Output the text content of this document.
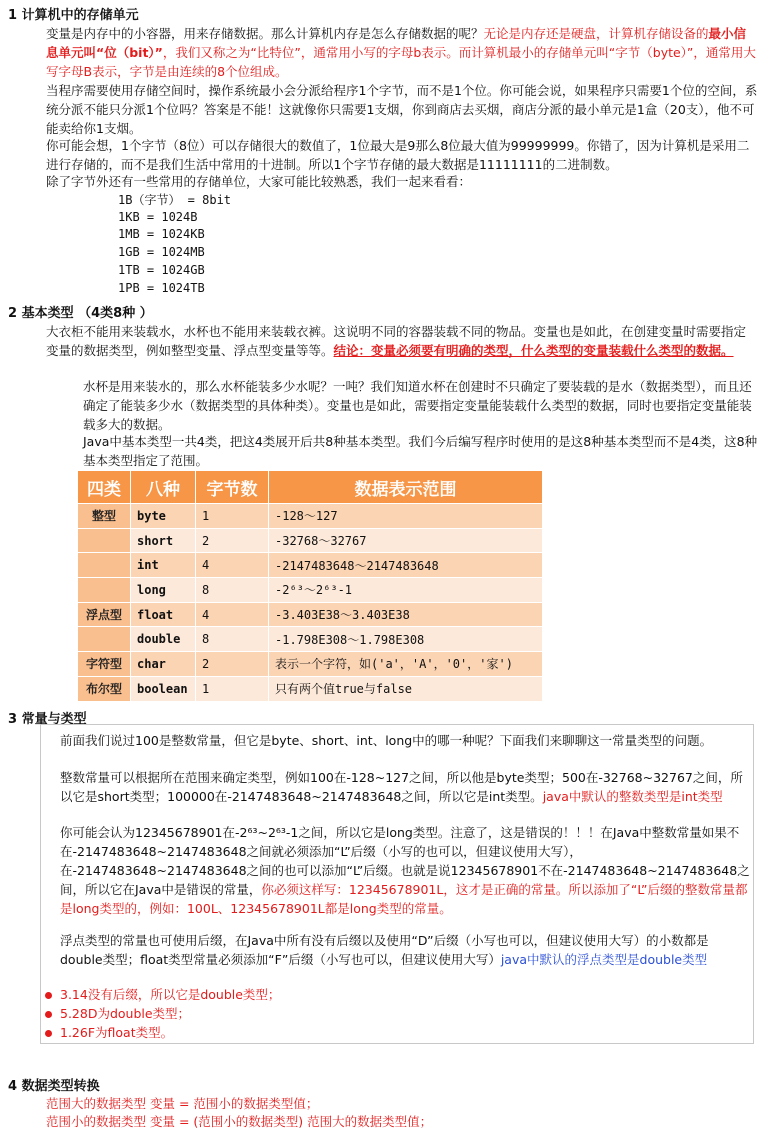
1 计算机中的存储单元
变量是内存中的小容器，用来存储数据。那么计算机内存是怎么存储数据的呢？无论是内存还是硬盘，计算机存储设备的最小信息单元叫“位（bit）”，我们又称之为“比特位”，通常用小写的字母b表示。而计算机最小的存储单元叫“字节（byte）”，通常用大写字母B表示，字节是由连续的8个位组成。
当程序需要使用存储空间时，操作系统最小会分派给程序1个字节，而不是1个位。你可能会说，如果程序只需要1个位的空间，系统分派不能只分派1个位吗？答案是不能！这就像你只需要1支烟，你到商店去买烟，商店分派的最小单元是1盒（20支），他不可能卖给你1支烟。
你可能会想，1个字节（8位）可以存储很大的数值了，1位最大是9那么8位最大值为99999999。你错了，因为计算机是采用二进行存储的，而不是我们生活中常用的十进制。所以1个字节存储的最大数据是11111111的二进制数。
除了字节外还有一些常用的存储单位，大家可能比较熟悉，我们一起来看看：
1B（字节） = 8bit
1KB = 1024B
1MB = 1024KB
1GB = 1024MB
1TB = 1024GB
1PB = 1024TB
2 基本类型 （4类8种 ）
大衣柜不能用来装载水，水杯也不能用来装载衣裤。这说明不同的容器装载不同的物品。变量也是如此，在创建变量时需要指定变量的数据类型，例如整型变量、浮点型变量等等。结论：变量必须要有明确的类型，什么类型的变量装载什么类型的数据。
水杯是用来装水的，那么水杯能装多少水呢？一吨？我们知道水杯在创建时不只确定了要装载的是水（数据类型），而且还确定了能装多少水（数据类型的具体种类）。变量也是如此，需要指定变量能装载什么类型的数据，同时也要指定变量能装载多大的数据。
Java中基本类型一共4类，把这4类展开后共8种基本类型。我们今后编写程序时使用的是这8种基本类型而不是4类，这8种基本类型指定了范围。
四类	八种	字节数	数据表示范围
整型	byte	1	-128～127
	short	2	-32768～32767
	int	4	-2147483648～2147483648
	long	8	-2⁶³～2⁶³-1
浮点型	float	4	-3.403E38～3.403E38
	double	8	-1.798E308～1.798E308
字符型	char	2	表示一个字符，如('a'，'A'，'0'，'家')
布尔型	boolean	1	只有两个值true与false
3 常量与类型
前面我们说过100是整数常量，但它是byte、short、int、long中的哪一种呢？下面我们来聊聊这一常量类型的问题。
整数常量可以根据所在范围来确定类型，例如100在-128~127之间，所以他是byte类型；500在-32768~32767之间，所以它是short类型；100000在-2147483648~2147483648之间，所以它是int类型。java中默认的整数类型是int类型
你可能会认为12345678901在-2⁶³~2⁶³-1之间，所以它是long类型。注意了，这是错误的！！！在Java中整数常量如果不在-2147483648~2147483648之间就必须添加“L”后缀（小写的也可以，但建议使用大写），在-2147483648~2147483648之间的也可以添加“L”后缀。也就是说12345678901不在-2147483648~2147483648之间，所以它在Java中是错误的常量，你必须这样写：12345678901L，这才是正确的常量。所以添加了“L”后缀的整数常量都是long类型的，例如：100L、12345678901L都是long类型的常量。
浮点类型的常量也可使用后缀，在Java中所有没有后缀以及使用“D”后缀（小写也可以，但建议使用大写）的小数都是double类型；float类型常量必须添加“F”后缀（小写也可以，但建议使用大写）java中默认的浮点类型是double类型
3.14没有后缀，所以它是double类型；
5.28D为double类型；
1.26F为float类型。
4 数据类型转换
范围大的数据类型 变量 = 范围小的数据类型值；
范围小的数据类型 变量 = (范围小的数据类型) 范围大的数据类型值；
